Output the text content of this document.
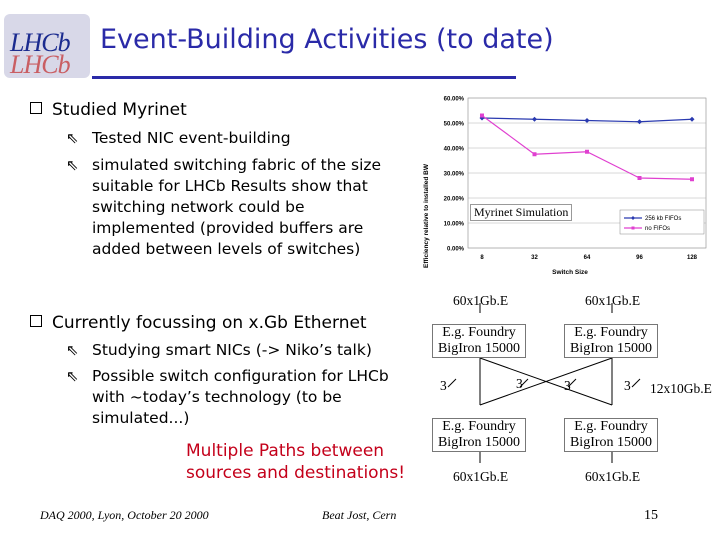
LHCb
LHCb
Event-Building Activities (to date)
Studied Myrinet
⇖ Tested NIC event-building
⇖ simulated switching fabric of the size suitable for LHCb Results show that switching network could be implemented (provided buffers are added between levels of switches)
Currently focussing on x.Gb Ethernet
⇖ Studying smart NICs (-> Niko’s talk)
⇖ Possible switch configuration for LHCb with ~today’s technology (to be simulated...)
Multiple Paths between sources and destinations!
0.00%
10.00%
20.00%
30.00%
40.00%
50.00%
60.00%
8	32	64	96	128
256 kb FIFOs
no FIFOs
Efficiency relative to installed BW
Switch Size
Myrinet Simulation
60x1Gb.E	60x1Gb.E
E.g. Foundry
BigIron 15000
E.g. Foundry
BigIron 15000
3	3	3	3 12x10Gb.E
E.g. Foundry
BigIron 15000
E.g. Foundry
BigIron 15000
60x1Gb.E	60x1Gb.E
DAQ 2000, Lyon, October 20 2000	Beat Jost, Cern	15
